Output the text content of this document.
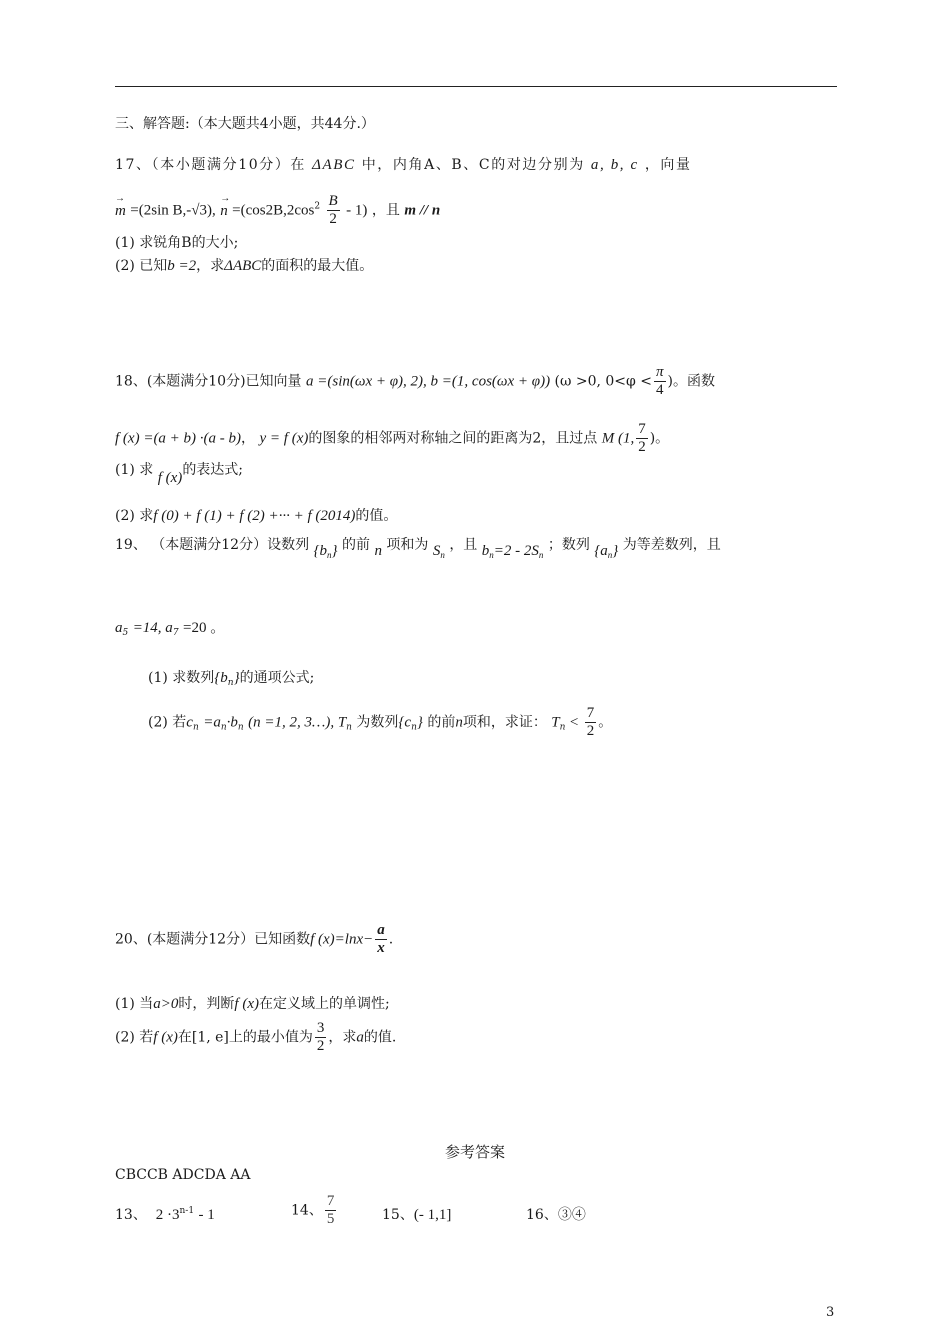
三、解答题:（本大题共4小题，共44分.）
17、（本小题满分10分）在 ΔABC 中，内角A、B、C的对边分别为 a, b, c ，向量
→ m =(2sin B,-√3), → $n =(\cos 2B,2\cos^2 \frac{B}{2} - 1)$ ，且 m // n
(1) 求锐角B的大小;
(2) 已知b =2，求ΔABC的面积的最大值。
18、(本题满分10分)已知向量 a =(sin(ωx + φ), 2), b =(1, cos(ωx + φ)) (ω >0, $0<\varphi < \frac{\pi}{4}$ )。函数
f (x) =(a + b) ·(a - b)， y = f (x)的图象的相邻两对称轴之间的距离为2，且过点 M (1, $\frac{7}{2}$ )。
(1) 求 f (x)的表达式;
(2) 求f (0) + f (1) + f (2) +··· + f (2014)的值。
19、 （本题满分12分）设数列 $\{b_n\}$ 的前 n 项和为 $S_n$ ，且 $b_n=2 - 2S_n$ ；数列 $\{a_n\}$ 为等差数列，且
$a_5 =14$, $a_7 =20$ 。
(1) 求数列$\{b_n\}$的通项公式;
(2) 若$c_n =a_n\cdot b_n$ (n =1, 2, 3…), $T_n$ 为数列$\{c_n\}$ 的前n项和，求证： $T_n < \frac{7}{2}$ 。
20、(本题满分12分）已知函数f $(x)=\ln x- \frac{a}{x}$ .
(1) 当a>0时，判断f (x)在定义域上的单调性;
(2) 若f (x)在[1, e]上的最小值为 $\frac{3}{2}$ ，求a的值.
参考答案
CBCCB ADCDA AA
13、 $2 \cdot 3^{n-1} - 1$	14、 $\frac{7}{5}$	15、(- 1,1]	16、③④
3
